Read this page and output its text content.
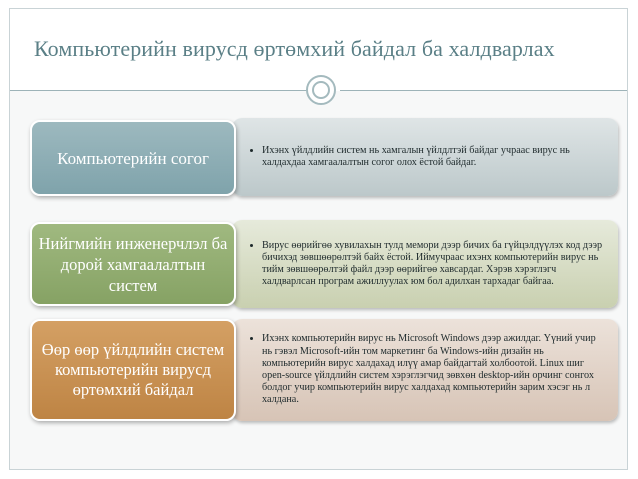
Компьютерийн вирусд өртөмхий байдал ба халдварлах
• Ихэнх үйлдлийн систем нь хамгалын үйлдлтэй байдаг учраас вирус нь халдахдаа хамгаалалтын согог олох ёстой байдаг.
Компьютерийн согог
• Вирус өөрийгөө хувилахын тулд мемори дээр бичих ба гүйцэлдүүлэх код дээр бичихэд зөвшөөрөлтэй байх ёстой. Иймучраас ихэнх компьютерийн вирус нь тийм зөвшөөрөлтэй файл дээр өөрийгөө хавсардаг. Хэрэв хэрэглэгч халдварлсан програм ажиллуулах юм бол адилхан тархадаг байгаа.
Нийгмийн инженерчлэл ба дорой хамгаалалтын систем
• Ихэнх компьютерийн вирус нь Microsoft Windows дээр ажилдаг. Үүний учир нь гэвэл Microsoft-ийн том маркетинг ба Windows-ийн дизайн нь компьютерийн вирус халдахад илүү амар байдагтай холбоотой. Linux шиг open-source үйлдлийн систем хэрэглэгчид зөвхөн desktop-ийн орчинг сонгох болдог учир компьютерийн вирус халдахад компьютерийн зарим хэсэг нь л халдана.
Өөр өөр үйлдлийн систем компьютерийн вирусд өртөмхий байдал
